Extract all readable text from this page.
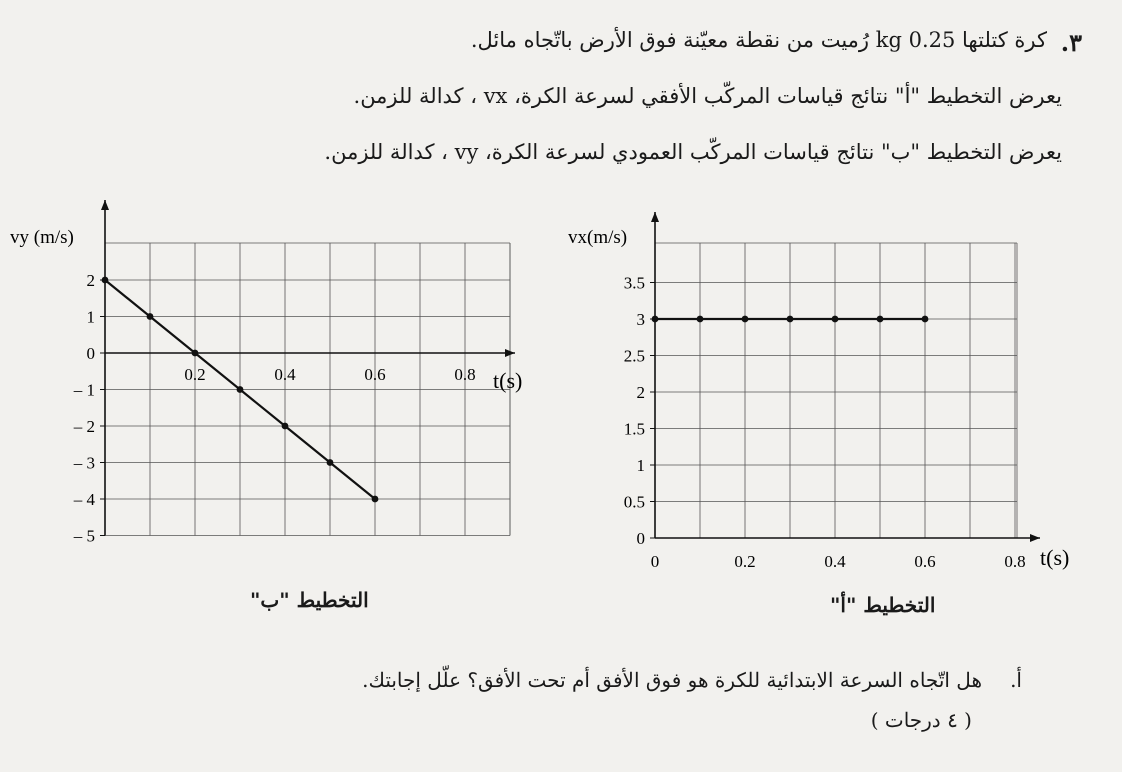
٣.
كرة كتلتها 0.25 kg رُميت من نقطة معيّنة فوق الأرض باتّجاه مائل.
يعرض التخطيط "أ" نتائج قياسات المركّب الأفقي لسرعة الكرة، vx ، كدالة للزمن.
يعرض التخطيط "ب" نتائج قياسات المركّب العمودي لسرعة الكرة، vy ، كدالة للزمن.
2
1
0
– 1
– 2
– 3
– 4
– 5
0.2	0.4	0.6	0.8
vy (m/s)
t(s)
0
0.5
1
1.5
2
2.5
3
3.5
0	0.2	0.4	0.6	0.8
vx(m/s)
t(s)
التخطيط "ب"	التخطيط "أ"
أ.
هل اتّجاه السرعة الابتدائية للكرة هو فوق الأفق أم تحت الأفق؟ علّل إجابتك.
( ٤ درجات )
